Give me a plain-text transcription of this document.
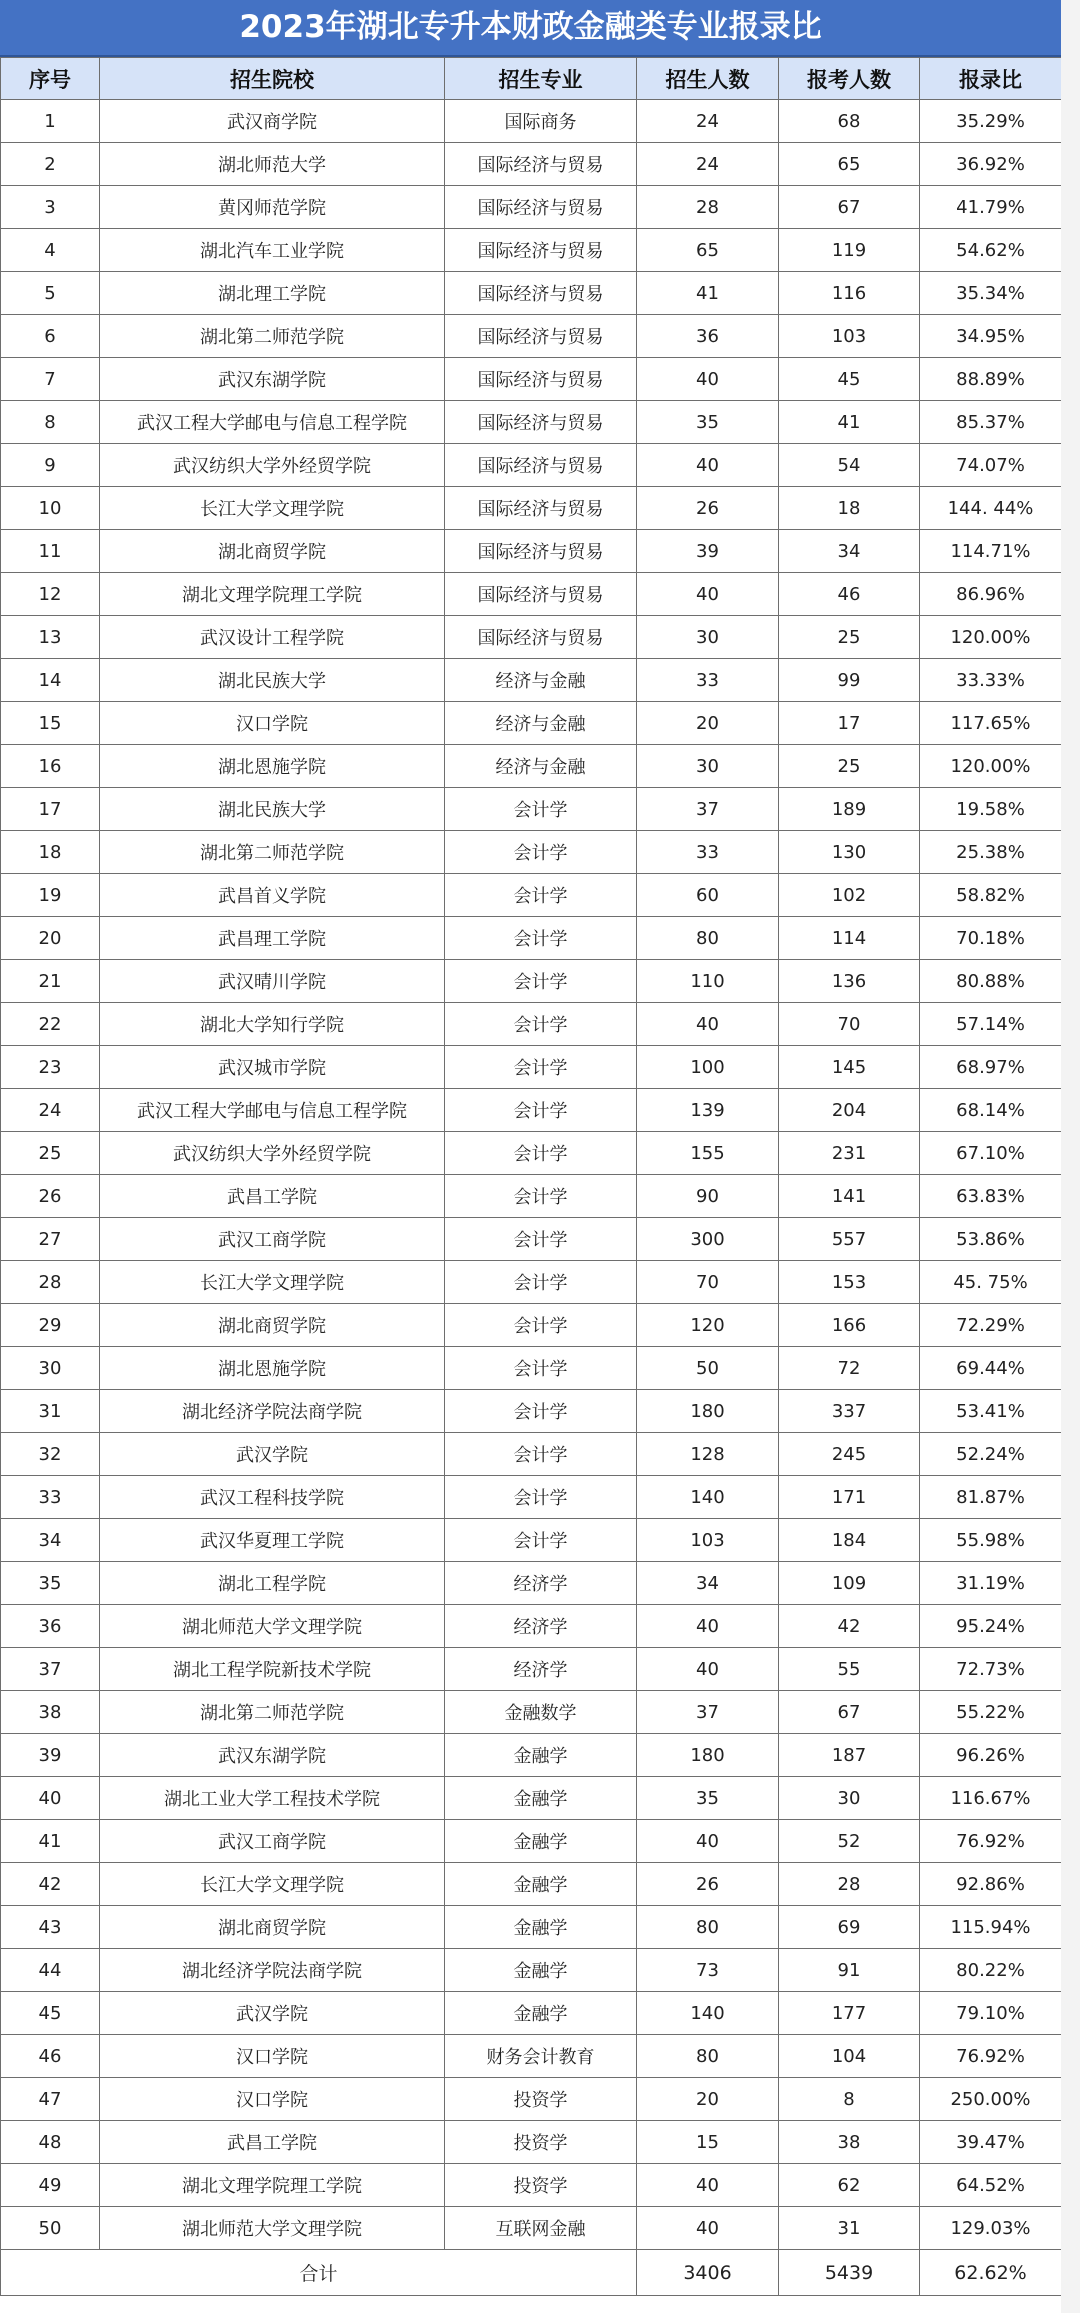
2023年湖北专升本财政金融类专业报录比
序号	招生院校	招生专业	招生人数	报考人数	报录比
1	武汉商学院	国际商务	24	68	35.29%
2	湖北师范大学	国际经济与贸易	24	65	36.92%
3	黄冈师范学院	国际经济与贸易	28	67	41.79%
4	湖北汽车工业学院	国际经济与贸易	65	119	54.62%
5	湖北理工学院	国际经济与贸易	41	116	35.34%
6	湖北第二师范学院	国际经济与贸易	36	103	34.95%
7	武汉东湖学院	国际经济与贸易	40	45	88.89%
8	武汉工程大学邮电与信息工程学院	国际经济与贸易	35	41	85.37%
9	武汉纺织大学外经贸学院	国际经济与贸易	40	54	74.07%
10	长江大学文理学院	国际经济与贸易	26	18	144. 44%
11	湖北商贸学院	国际经济与贸易	39	34	114.71%
12	湖北文理学院理工学院	国际经济与贸易	40	46	86.96%
13	武汉设计工程学院	国际经济与贸易	30	25	120.00%
14	湖北民族大学	经济与金融	33	99	33.33%
15	汉口学院	经济与金融	20	17	117.65%
16	湖北恩施学院	经济与金融	30	25	120.00%
17	湖北民族大学	会计学	37	189	19.58%
18	湖北第二师范学院	会计学	33	130	25.38%
19	武昌首义学院	会计学	60	102	58.82%
20	武昌理工学院	会计学	80	114	70.18%
21	武汉晴川学院	会计学	110	136	80.88%
22	湖北大学知行学院	会计学	40	70	57.14%
23	武汉城市学院	会计学	100	145	68.97%
24	武汉工程大学邮电与信息工程学院	会计学	139	204	68.14%
25	武汉纺织大学外经贸学院	会计学	155	231	67.10%
26	武昌工学院	会计学	90	141	63.83%
27	武汉工商学院	会计学	300	557	53.86%
28	长江大学文理学院	会计学	70	153	45. 75%
29	湖北商贸学院	会计学	120	166	72.29%
30	湖北恩施学院	会计学	50	72	69.44%
31	湖北经济学院法商学院	会计学	180	337	53.41%
32	武汉学院	会计学	128	245	52.24%
33	武汉工程科技学院	会计学	140	171	81.87%
34	武汉华夏理工学院	会计学	103	184	55.98%
35	湖北工程学院	经济学	34	109	31.19%
36	湖北师范大学文理学院	经济学	40	42	95.24%
37	湖北工程学院新技术学院	经济学	40	55	72.73%
38	湖北第二师范学院	金融数学	37	67	55.22%
39	武汉东湖学院	金融学	180	187	96.26%
40	湖北工业大学工程技术学院	金融学	35	30	116.67%
41	武汉工商学院	金融学	40	52	76.92%
42	长江大学文理学院	金融学	26	28	92.86%
43	湖北商贸学院	金融学	80	69	115.94%
44	湖北经济学院法商学院	金融学	73	91	80.22%
45	武汉学院	金融学	140	177	79.10%
46	汉口学院	财务会计教育	80	104	76.92%
47	汉口学院	投资学	20	8	250.00%
48	武昌工学院	投资学	15	38	39.47%
49	湖北文理学院理工学院	投资学	40	62	64.52%
50	湖北师范大学文理学院	互联网金融	40	31	129.03%
合计			3406	5439	62.62%
